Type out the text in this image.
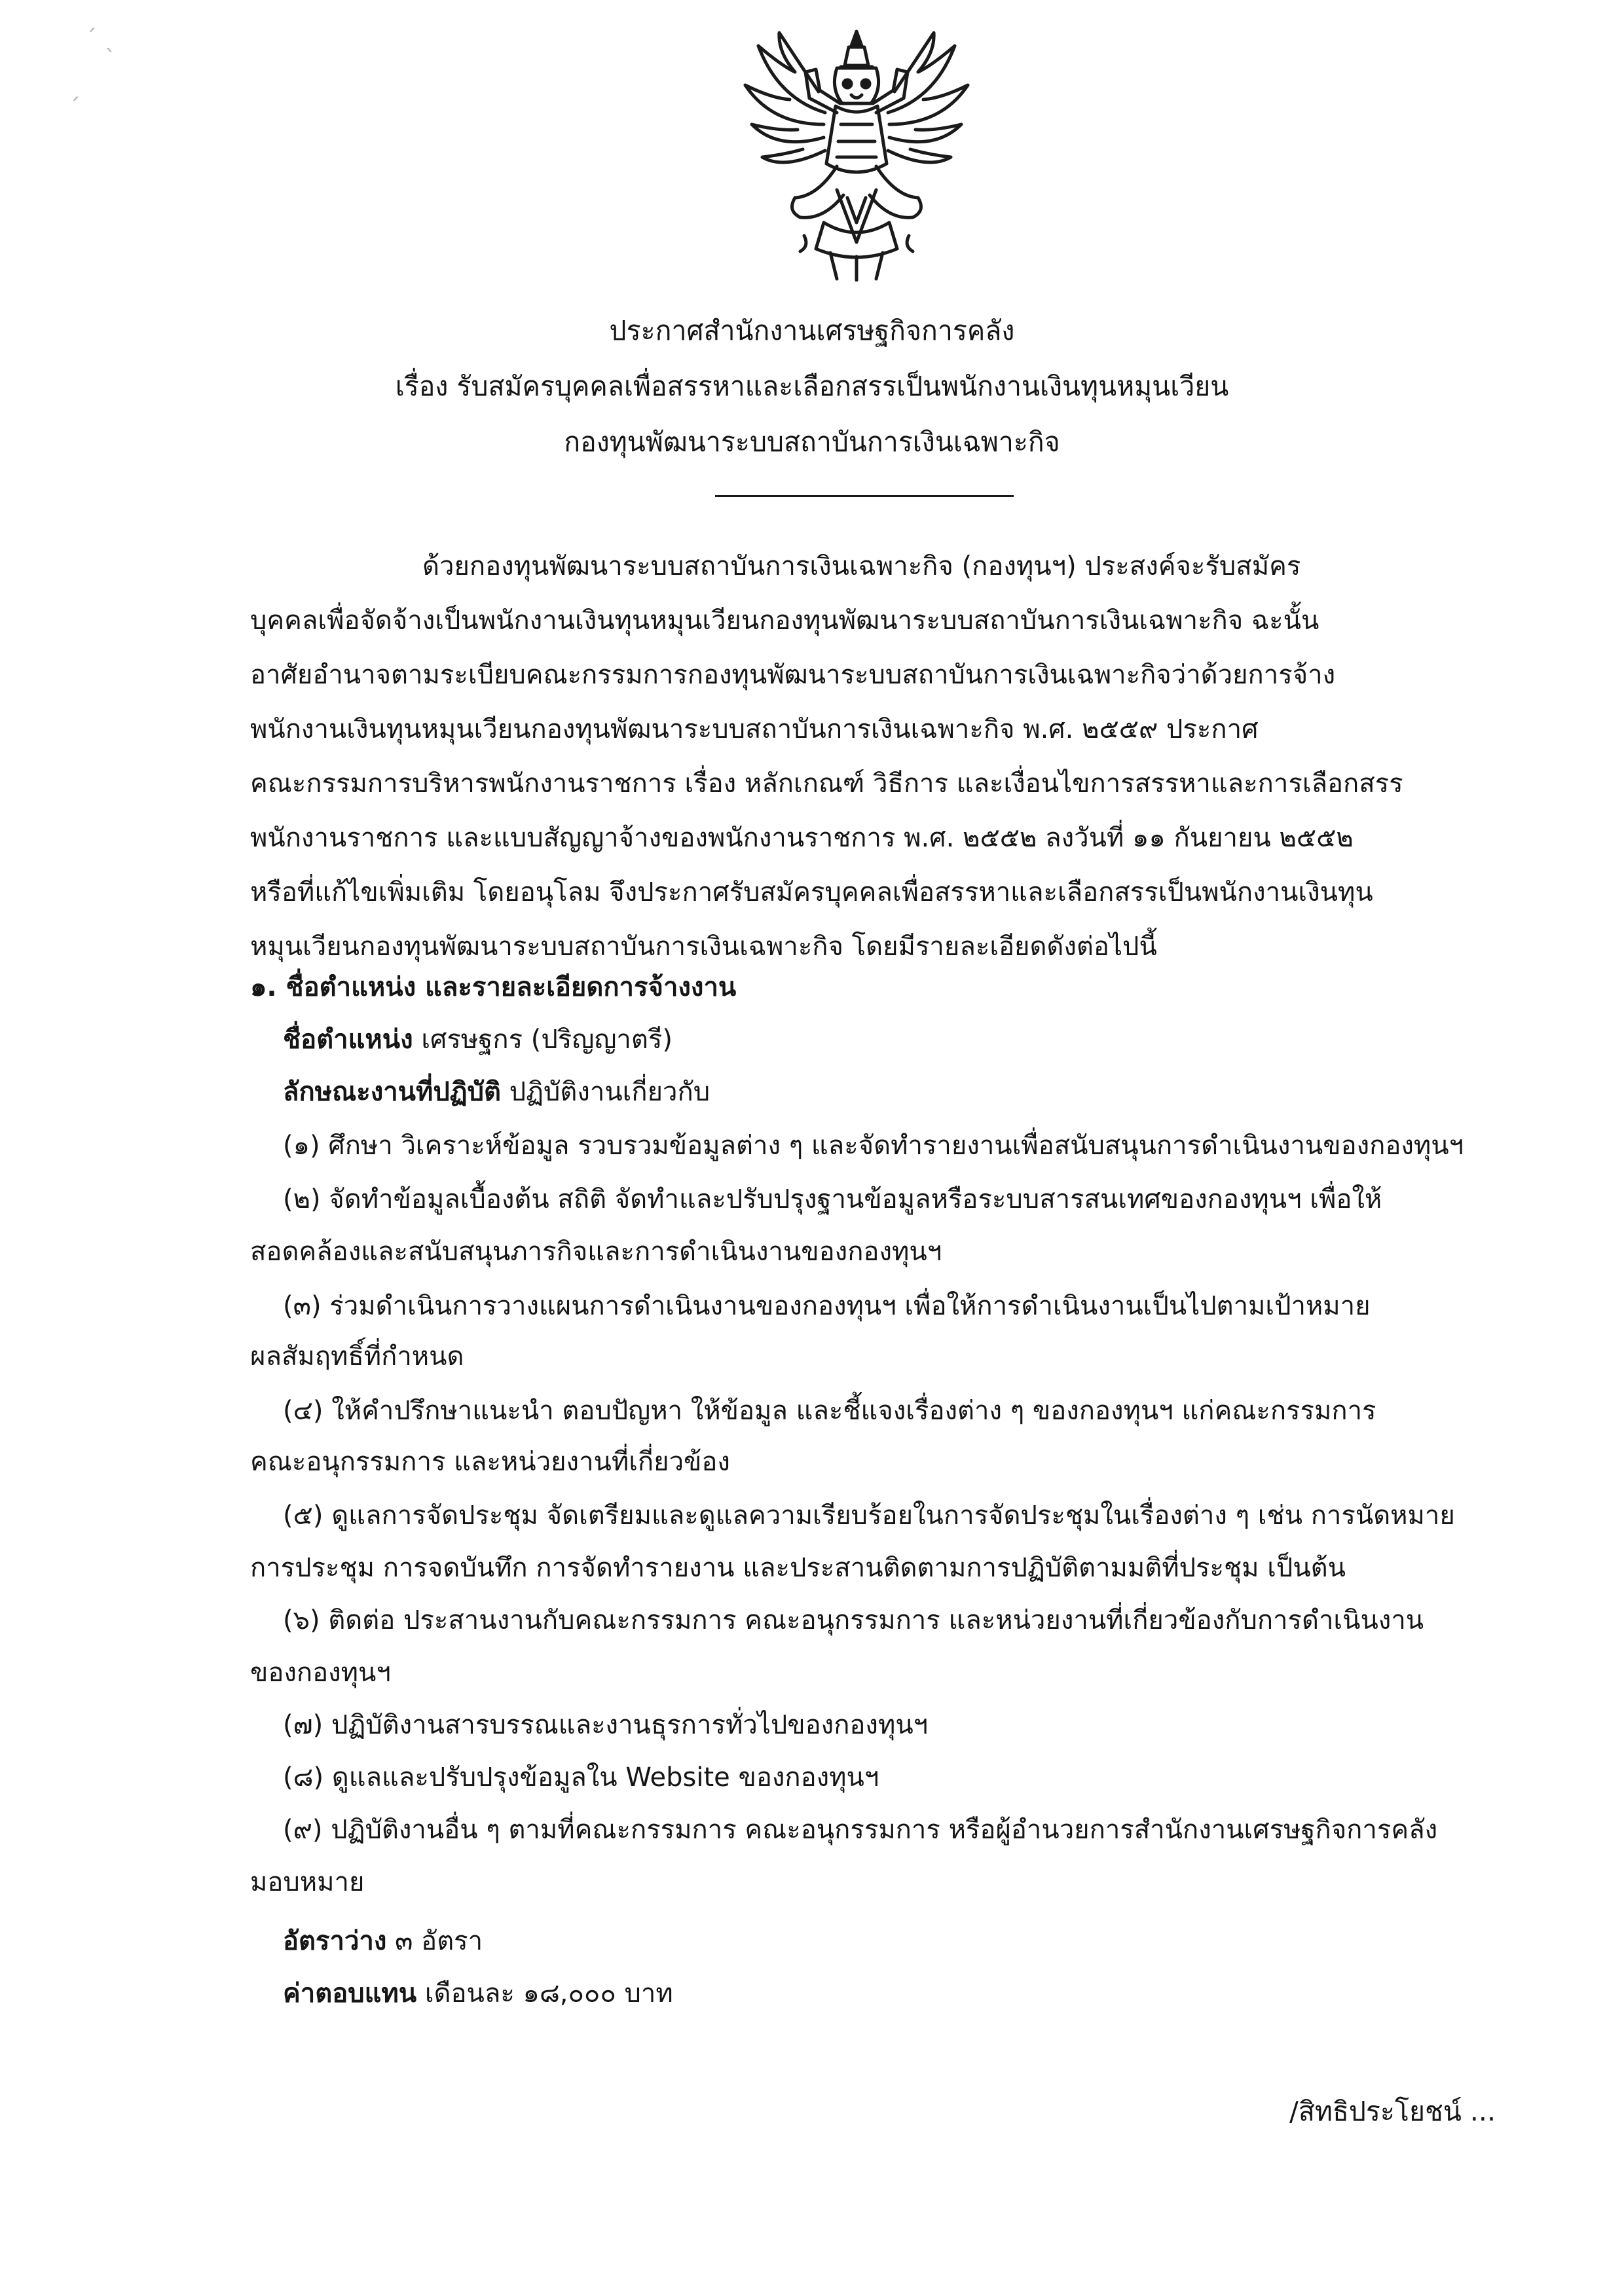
ˊ ˎ
ˊ
ประกาศสำนักงานเศรษฐกิจการคลัง
เรื่อง รับสมัครบุคคลเพื่อสรรหาและเลือกสรรเป็นพนักงานเงินทุนหมุนเวียน
กองทุนพัฒนาระบบสถาบันการเงินเฉพาะกิจ
ด้วยกองทุนพัฒนาระบบสถาบันการเงินเฉพาะกิจ (กองทุนฯ) ประสงค์จะรับสมัคร
บุคคลเพื่อจัดจ้างเป็นพนักงานเงินทุนหมุนเวียนกองทุนพัฒนาระบบสถาบันการเงินเฉพาะกิจ ฉะนั้น
อาศัยอำนาจตามระเบียบคณะกรรมการกองทุนพัฒนาระบบสถาบันการเงินเฉพาะกิจว่าด้วยการจ้าง
พนักงานเงินทุนหมุนเวียนกองทุนพัฒนาระบบสถาบันการเงินเฉพาะกิจ พ.ศ. ๒๕๕๙ ประกาศ
คณะกรรมการบริหารพนักงานราชการ เรื่อง หลักเกณฑ์ วิธีการ และเงื่อนไขการสรรหาและการเลือกสรร
พนักงานราชการ และแบบสัญญาจ้างของพนักงานราชการ พ.ศ. ๒๕๕๒ ลงวันที่ ๑๑ กันยายน ๒๕๕๒
หรือที่แก้ไขเพิ่มเติม โดยอนุโลม จึงประกาศรับสมัครบุคคลเพื่อสรรหาและเลือกสรรเป็นพนักงานเงินทุน
หมุนเวียนกองทุนพัฒนาระบบสถาบันการเงินเฉพาะกิจ โดยมีรายละเอียดดังต่อไปนี้
๑. ชื่อตำแหน่ง และรายละเอียดการจ้างงาน
ชื่อตำแหน่ง เศรษฐกร (ปริญญาตรี)
ลักษณะงานที่ปฏิบัติ ปฏิบัติงานเกี่ยวกับ
(๑) ศึกษา วิเคราะห์ข้อมูล รวบรวมข้อมูลต่าง ๆ และจัดทำรายงานเพื่อสนับสนุนการดำเนินงานของกองทุนฯ
(๒) จัดทำข้อมูลเบื้องต้น สถิติ จัดทำและปรับปรุงฐานข้อมูลหรือระบบสารสนเทศของกองทุนฯ เพื่อให้
สอดคล้องและสนับสนุนภารกิจและการดำเนินงานของกองทุนฯ
(๓) ร่วมดำเนินการวางแผนการดำเนินงานของกองทุนฯ เพื่อให้การดำเนินงานเป็นไปตามเป้าหมาย
ผลสัมฤทธิ์ที่กำหนด
(๔) ให้คำปรึกษาแนะนำ ตอบปัญหา ให้ข้อมูล และชี้แจงเรื่องต่าง ๆ ของกองทุนฯ แก่คณะกรรมการ
คณะอนุกรรมการ และหน่วยงานที่เกี่ยวข้อง
(๕) ดูแลการจัดประชุม จัดเตรียมและดูแลความเรียบร้อยในการจัดประชุมในเรื่องต่าง ๆ เช่น การนัดหมาย
การประชุม การจดบันทึก การจัดทำรายงาน และประสานติดตามการปฏิบัติตามมติที่ประชุม เป็นต้น
(๖) ติดต่อ ประสานงานกับคณะกรรมการ คณะอนุกรรมการ และหน่วยงานที่เกี่ยวข้องกับการดำเนินงาน
ของกองทุนฯ
(๗) ปฏิบัติงานสารบรรณและงานธุรการทั่วไปของกองทุนฯ
(๘) ดูแลและปรับปรุงข้อมูลใน Website ของกองทุนฯ
(๙) ปฏิบัติงานอื่น ๆ ตามที่คณะกรรมการ คณะอนุกรรมการ หรือผู้อำนวยการสำนักงานเศรษฐกิจการคลัง
มอบหมาย
อัตราว่าง ๓ อัตรา
ค่าตอบแทน เดือนละ ๑๘,๐๐๐ บาท
/สิทธิประโยชน์ ...
